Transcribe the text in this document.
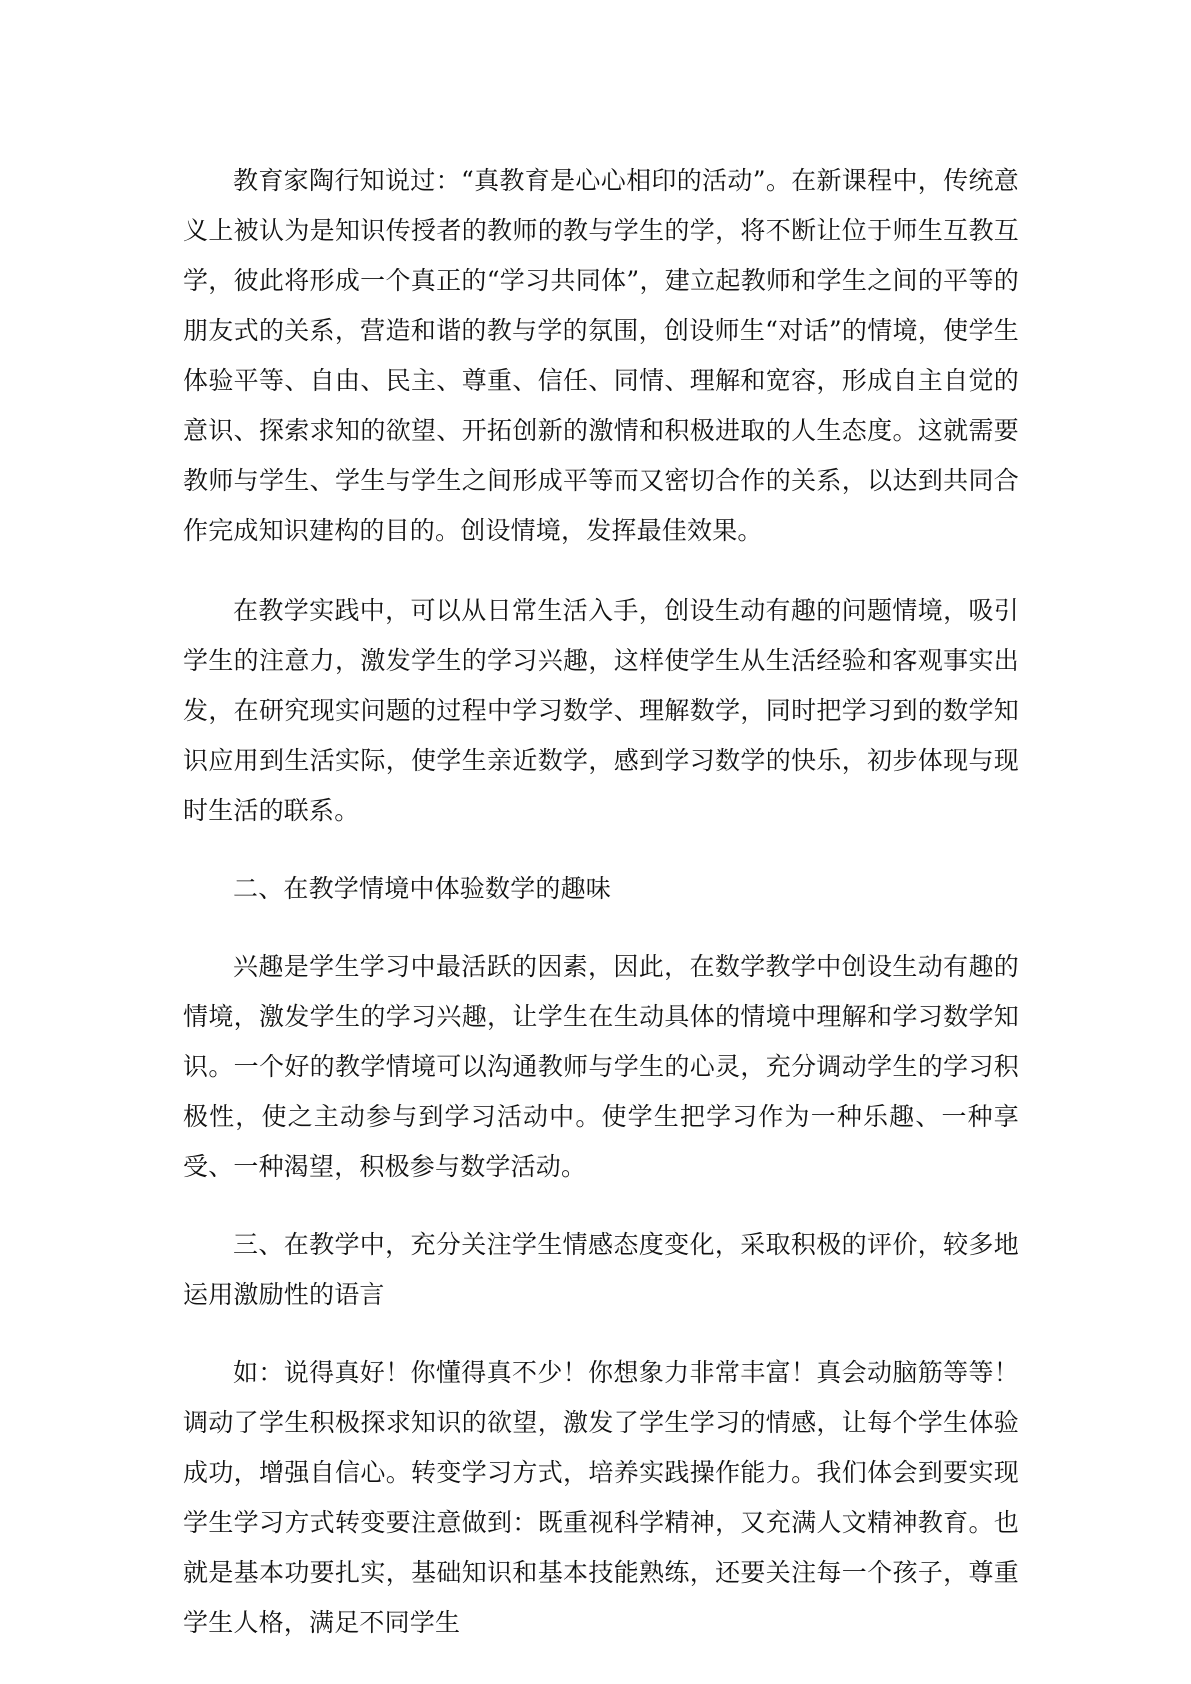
教育家陶行知说过：“真教育是心心相印的活动”。在新课程中，传统意义上被认为是知识传授者的教师的教与学生的学，将不断让位于师生互教互学，彼此将形成一个真正的“学习共同体”，建立起教师和学生之间的平等的朋友式的关系，营造和谐的教与学的氛围，创设师生“对话”的情境，使学生体验平等、自由、民主、尊重、信任、同情、理解和宽容，形成自主自觉的意识、探索求知的欲望、开拓创新的激情和积极进取的人生态度。这就需要教师与学生、学生与学生之间形成平等而又密切合作的关系，以达到共同合作完成知识建构的目的。创设情境，发挥最佳效果。

在教学实践中，可以从日常生活入手，创设生动有趣的问题情境，吸引学生的注意力，激发学生的学习兴趣，这样使学生从生活经验和客观事实出发，在研究现实问题的过程中学习数学、理解数学，同时把学习到的数学知识应用到生活实际，使学生亲近数学，感到学习数学的快乐，初步体现与现时生活的联系。

二、在教学情境中体验数学的趣味

兴趣是学生学习中最活跃的因素，因此，在数学教学中创设生动有趣的情境，激发学生的学习兴趣，让学生在生动具体的情境中理解和学习数学知识。一个好的教学情境可以沟通教师与学生的心灵，充分调动学生的学习积极性，使之主动参与到学习活动中。使学生把学习作为一种乐趣、一种享受、一种渴望，积极参与数学活动。

三、在教学中，充分关注学生情感态度变化，采取积极的评价，较多地运用激励性的语言

如：说得真好！你懂得真不少！你想象力非常丰富！真会动脑筋等等！调动了学生积极探求知识的欲望，激发了学生学习的情感，让每个学生体验成功，增强自信心。转变学习方式，培养实践操作能力。我们体会到要实现学生学习方式转变要注意做到：既重视科学精神，又充满人文精神教育。也就是基本功要扎实，基础知识和基本技能熟练，还要关注每一个孩子，尊重学生人格，满足不同学生
